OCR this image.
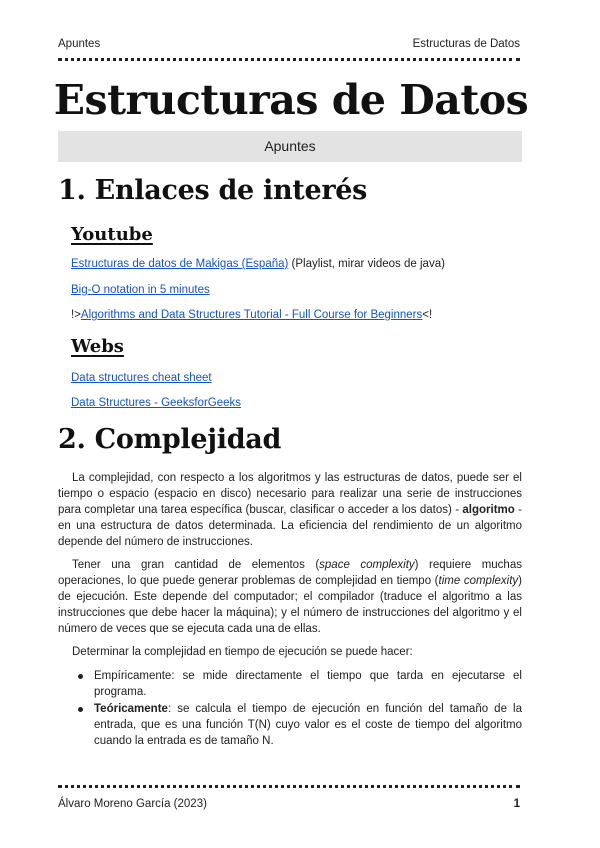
Apuntes	Estructuras de Datos
Estructuras de Datos
Apuntes
1. Enlaces de interés
Youtube
Estructuras de datos de Makigas (España) (Playlist, mirar videos de java)
Big-O notation in 5 minutes
!>Algorithms and Data Structures Tutorial - Full Course for Beginners<!
Webs
Data structures cheat sheet
Data Structures - GeeksforGeeks
2. Complejidad

La complejidad, con respecto a los algoritmos y las estructuras de datos, puede ser el tiempo o espacio (espacio en disco) necesario para realizar una serie de instrucciones para completar una tarea específica (buscar, clasificar o acceder a los datos) - algoritmo - en una estructura de datos determinada. La eficiencia del rendimiento de un algoritmo depende del número de instrucciones.

Tener una gran cantidad de elementos (space complexity) requiere muchas operaciones, lo que puede generar problemas de complejidad en tiempo (time complexity) de ejecución. Este depende del computador; el compilador (traduce el algoritmo a las instrucciones que debe hacer la máquina); y el número de instrucciones del algoritmo y el número de veces que se ejecuta cada una de ellas.

Determinar la complejidad en tiempo de ejecución se puede hacer:
Empíricamente: se mide directamente el tiempo que tarda en ejecutarse el programa.
Teóricamente: se calcula el tiempo de ejecución en función del tamaño de la entrada, que es una función T(N) cuyo valor es el coste de tiempo del algoritmo cuando la entrada es de tamaño N.
Álvaro Moreno García (2023)	1
